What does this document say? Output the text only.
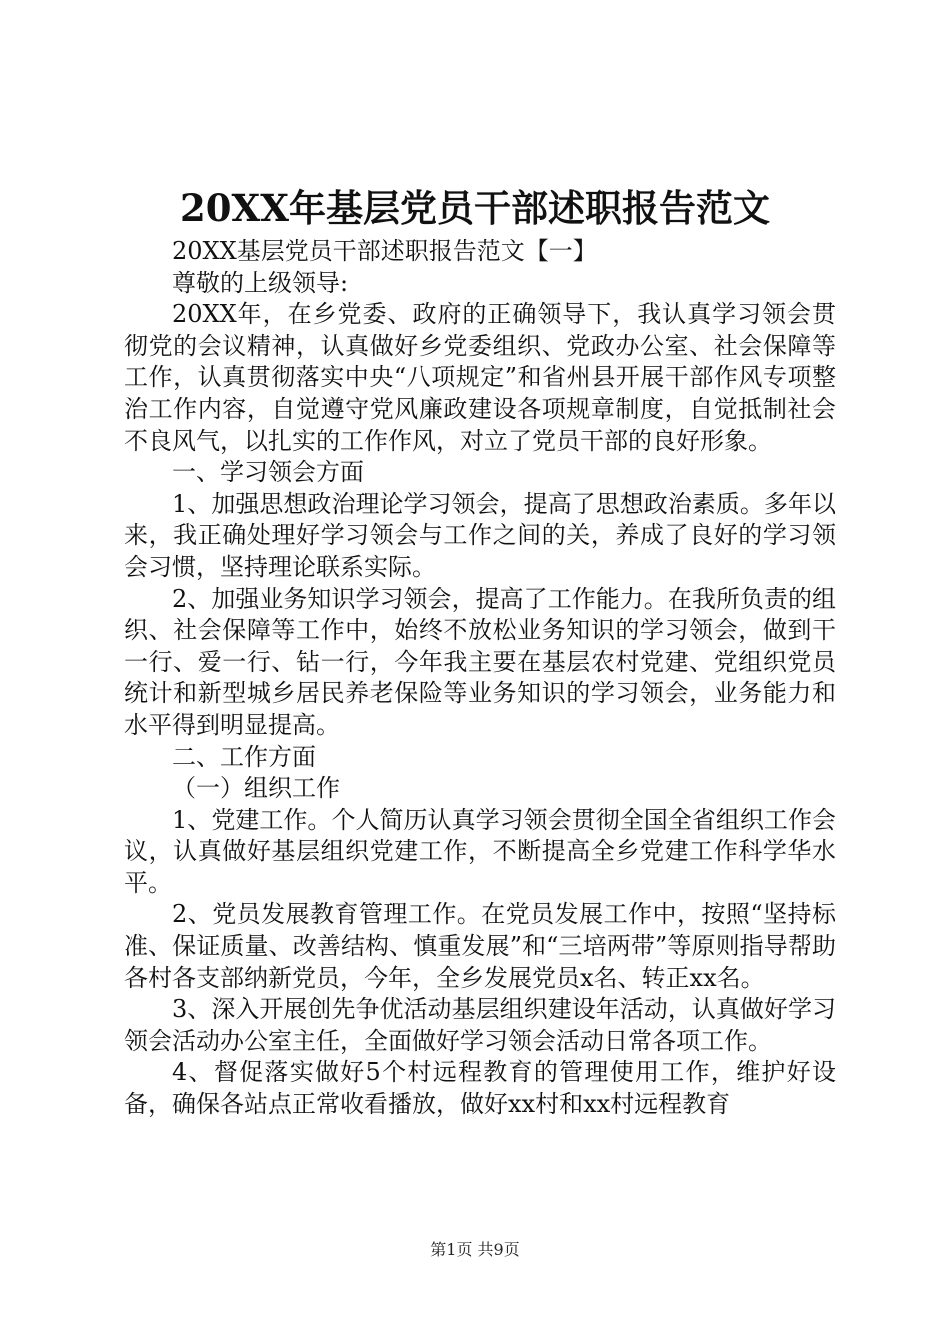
20XX年基层党员干部述职报告范文

20XX基层党员干部述职报告范文【一】

尊敬的上级领导:

20XX年，在乡党委、政府的正确领导下，我认真学习领会贯彻党的会议精神，认真做好乡党委组织、党政办公室、社会保障等工作，认真贯彻落实中央“八项规定”和省州县开展干部作风专项整治工作内容，自觉遵守党风廉政建设各项规章制度，自觉抵制社会不良风气，以扎实的工作作风，对立了党员干部的良好形象。

一、学习领会方面

1、加强思想政治理论学习领会，提高了思想政治素质。多年以来，我正确处理好学习领会与工作之间的关，养成了良好的学习领会习惯，坚持理论联系实际。

2、加强业务知识学习领会，提高了工作能力。在我所负责的组织、社会保障等工作中，始终不放松业务知识的学习领会，做到干一行、爱一行、钻一行，今年我主要在基层农村党建、党组织党员统计和新型城乡居民养老保险等业务知识的学习领会，业务能力和水平得到明显提高。

二、工作方面

（一）组织工作

1、党建工作。个人简历认真学习领会贯彻全国全省组织工作会议，认真做好基层组织党建工作，不断提高全乡党建工作科学华水平。

2、党员发展教育管理工作。在党员发展工作中，按照“坚持标准、保证质量、改善结构、慎重发展”和“三培两带”等原则指导帮助各村各支部纳新党员，今年，全乡发展党员x名、转正xx名。

3、深入开展创先争优活动基层组织建设年活动，认真做好学习领会活动办公室主任，全面做好学习领会活动日常各项工作。

4、督促落实做好5个村远程教育的管理使用工作，维护好设备，确保各站点正常收看播放，做好xx村和xx村远程教育

第1页 共9页
